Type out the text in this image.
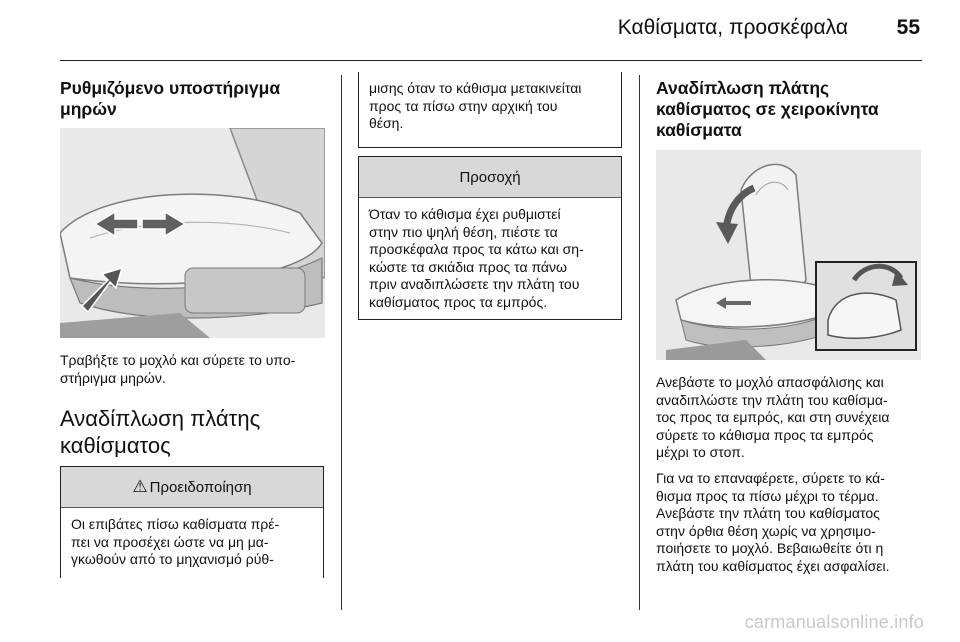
Καθίσματα, προσκέφαλα 55

Ρυθμιζόμενο υποστήριγμα
μηρών

Τραβήξτε το μοχλό και σύρετε το υπο-
στήριγμα μηρών.

Αναδίπλωση πλάτης
καθίσματος

⚠ Προειδοποίηση

Οι επιβάτες πίσω καθίσματα πρέ-
πει να προσέχει ώστε να μη μα-
γκωθούν από το μηχανισμό ρύθ-

μισης όταν το κάθισμα μετακινείται
προς τα πίσω στην αρχική του
θέση.

Προσοχή

Όταν το κάθισμα έχει ρυθμιστεί
στην πιο ψηλή θέση, πιέστε τα
προσκέφαλα προς τα κάτω και ση-
κώστε τα σκιάδια προς τα πάνω
πριν αναδιπλώσετε την πλάτη του
καθίσματος προς τα εμπρός.

Αναδίπλωση πλάτης
καθίσματος σε χειροκίνητα
καθίσματα

Ανεβάστε το μοχλό απασφάλισης και
αναδιπλώστε την πλάτη του καθίσμα-
τος προς τα εμπρός, και στη συνέχεια
σύρετε το κάθισμα προς τα εμπρός
μέχρι το στοπ.

Για να το επαναφέρετε, σύρετε το κά-
θισμα προς τα πίσω μέχρι το τέρμα.
Ανεβάστε την πλάτη του καθίσματος
στην όρθια θέση χωρίς να χρησιμο-
ποιήσετε το μοχλό. Βεβαιωθείτε ότι η
πλάτη του καθίσματος έχει ασφαλίσει.

carmanualsonline.info
